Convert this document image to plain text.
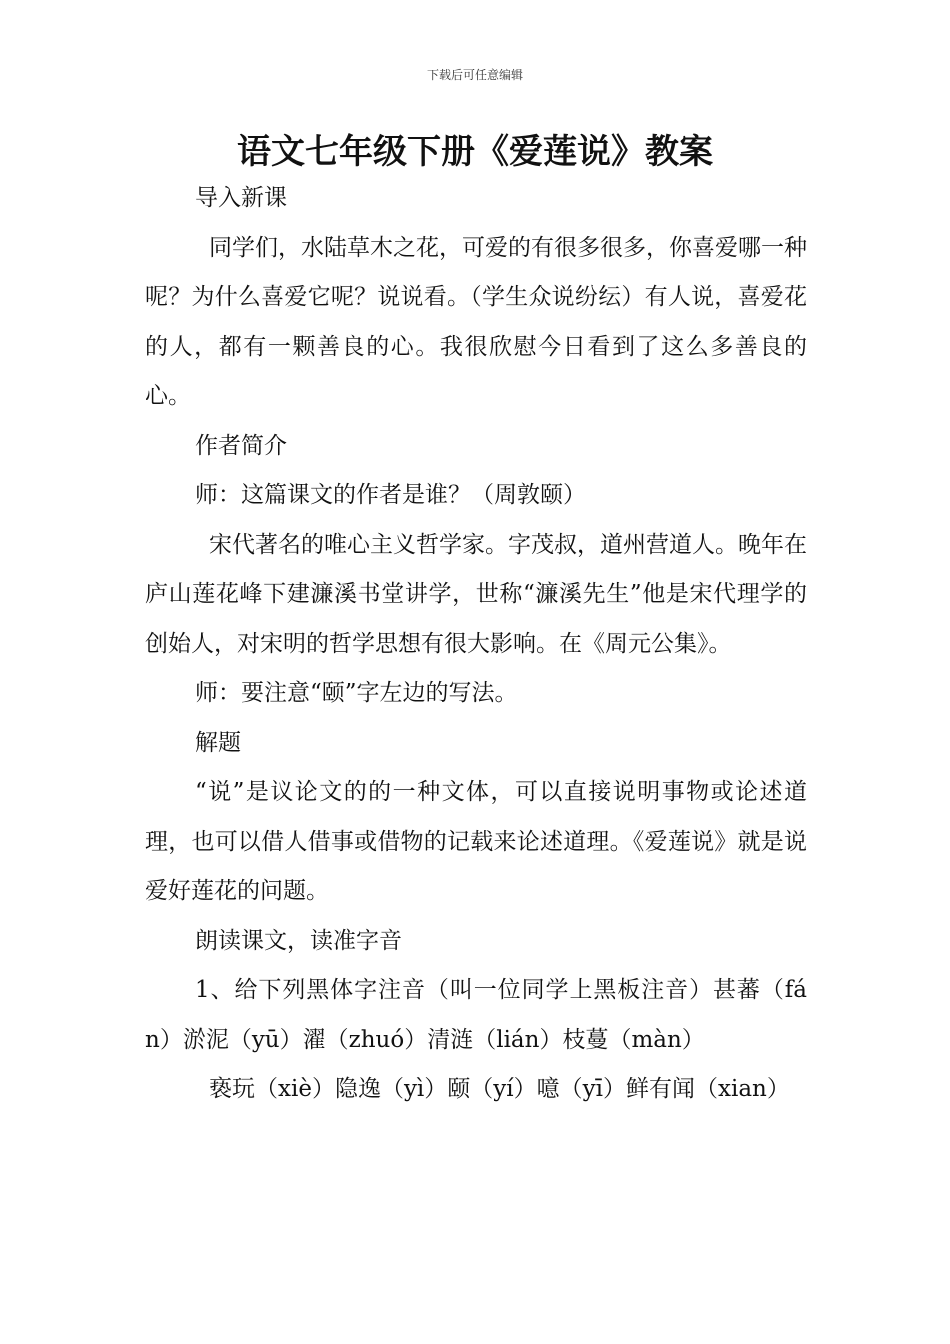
下载后可任意编辑
语文七年级下册《爱莲说》教案

导入新课

同学们，水陆草木之花，可爱的有很多很多，你喜爱哪一种呢？为什么喜爱它呢？说说看。（学生众说纷纭）有人说，喜爱花的人，都有一颗善良的心。我很欣慰今日看到了这么多善良的心。

作者简介

师：这篇课文的作者是谁？（周敦颐）

宋代著名的唯心主义哲学家。字茂叔，道州营道人。晚年在庐山莲花峰下建濂溪书堂讲学，世称“濂溪先生”他是宋代理学的创始人，对宋明的哲学思想有很大影响。在《周元公集》。

师：要注意“颐”字左边的写法。

解题

“说”是议论文的的一种文体，可以直接说明事物或论述道理，也可以借人借事或借物的记载来论述道理。《爱莲说》就是说爱好莲花的问题。

朗读课文，读准字音

1、给下列黑体字注音（叫一位同学上黑板注音）甚蕃（fán）淤泥（yū）濯（zhuó）清涟（lián）枝蔓（màn）

亵玩（xiè）隐逸（yì）颐（yí）噫（yī）鲜有闻（xian）
